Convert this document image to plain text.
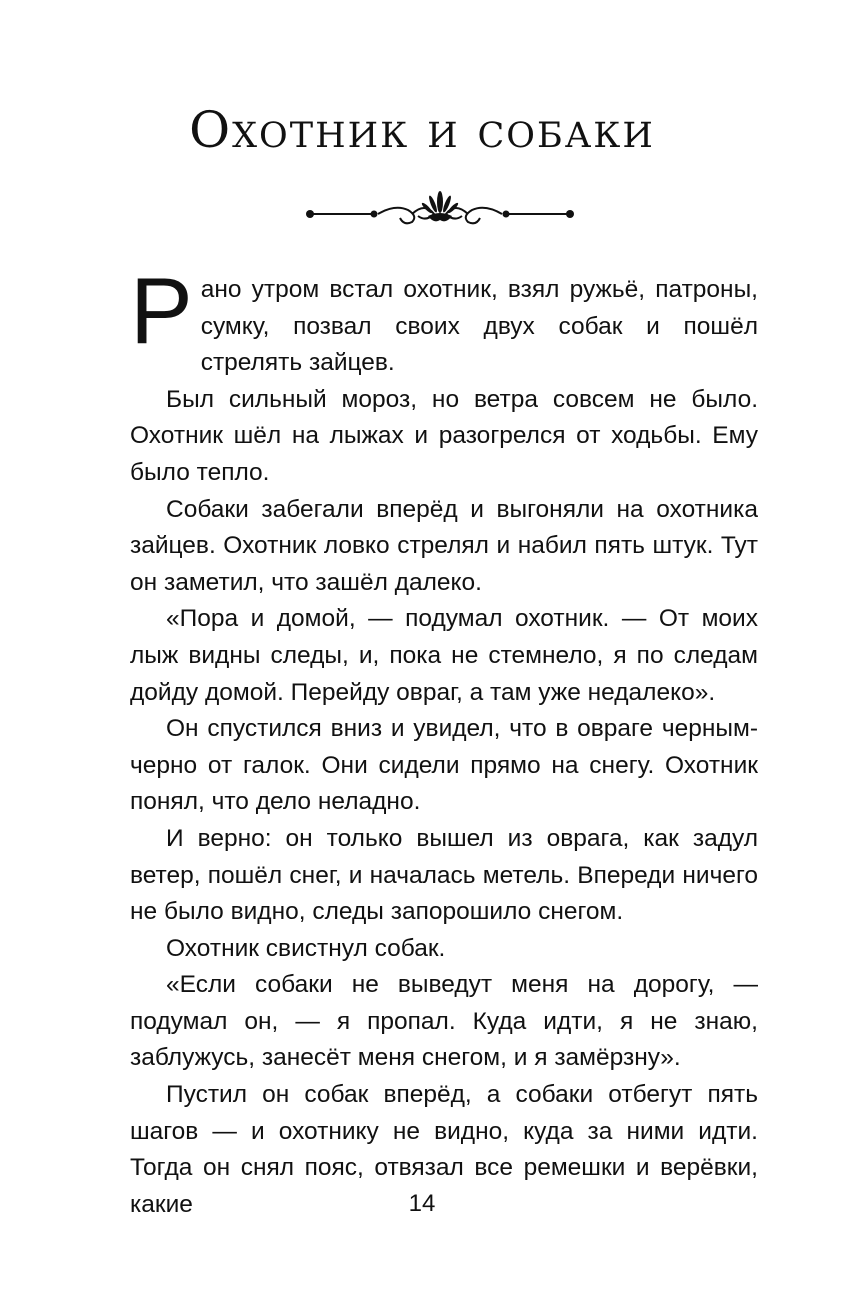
Охотник и собаки

Рано утром встал охотник, взял ружьё, патроны, сумку, позвал своих двух собак и пошёл стрелять зайцев.

Был сильный мороз, но ветра совсем не было. Охотник шёл на лыжах и разогрелся от ходьбы. Ему было тепло.

Собаки забегали вперёд и выгоняли на охотника зайцев. Охотник ловко стрелял и набил пять штук. Тут он заметил, что зашёл далеко.

«Пора и домой, — подумал охотник. — От моих лыж видны следы, и, пока не стемнело, я по следам дойду домой. Перейду овраг, а там уже недалеко».

Он спустился вниз и увидел, что в овраге черным-черно от галок. Они сидели прямо на снегу. Охотник понял, что дело неладно.

И верно: он только вышел из оврага, как задул ветер, пошёл снег, и началась метель. Впереди ничего не было видно, следы запорошило снегом.

Охотник свистнул собак.

«Если собаки не выведут меня на дорогу, — подумал он, — я пропал. Куда идти, я не знаю, заблужусь, занесёт меня снегом, и я замёрзну».

Пустил он собак вперёд, а собаки отбегут пять шагов — и охотнику не видно, куда за ними идти. Тогда он снял пояс, отвязал все ремешки и верёвки, какие	14
